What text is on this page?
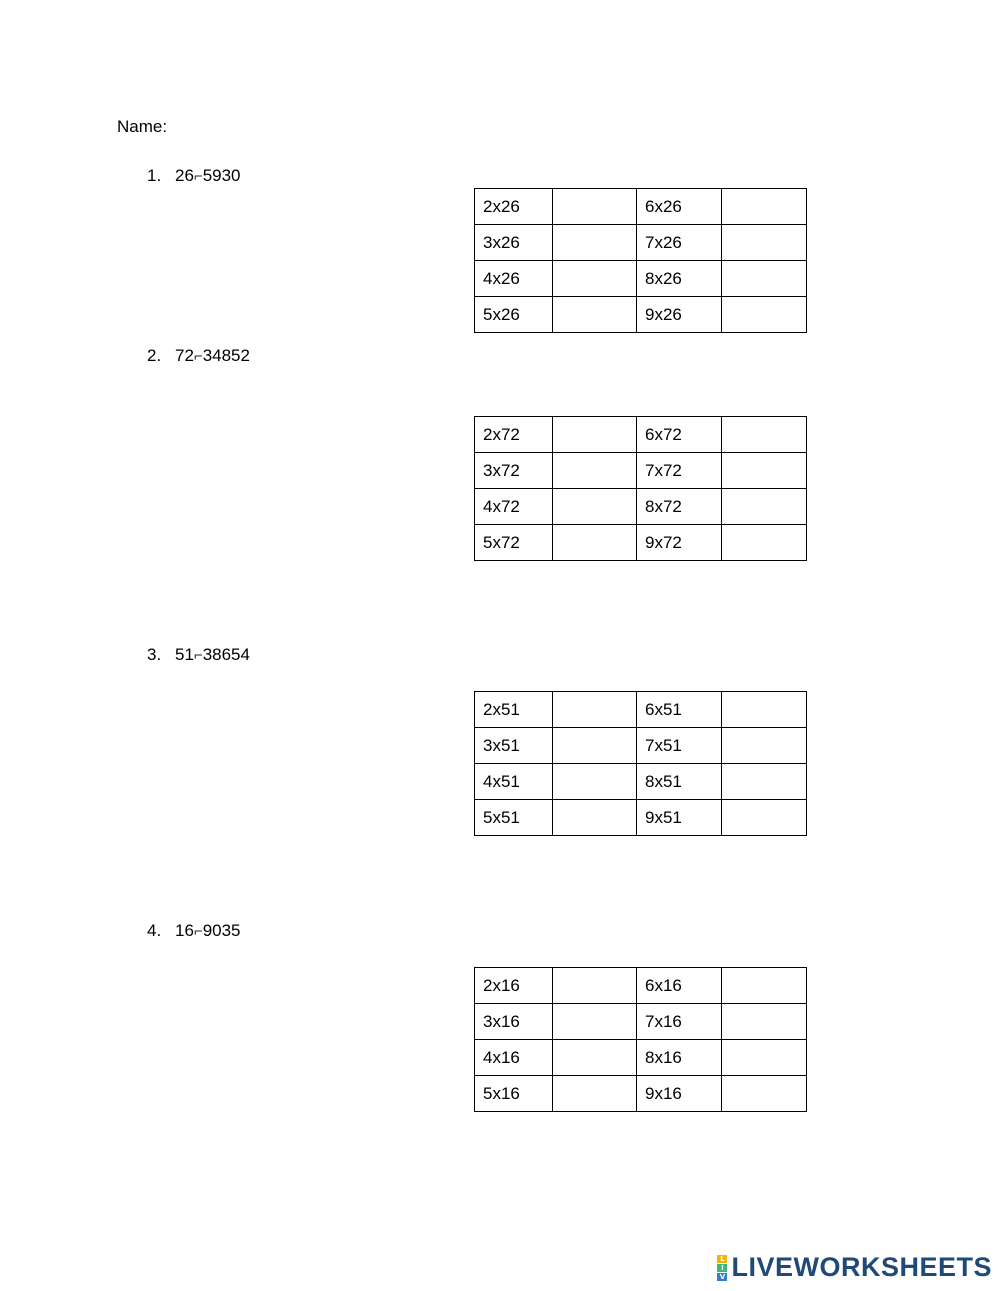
Name:
1. 26⌐5930
2x26		6x26	
3x26		7x26	
4x26		8x26	
5x26		9x26	
2. 72⌐34852
2x72		6x72	
3x72		7x72	
4x72		8x72	
5x72		9x72	
3. 51⌐38654
2x51		6x51	
3x51		7x51	
4x51		8x51	
5x51		9x51	
4. 16⌐9035
2x16		6x16	
3x16		7x16	
4x16		8x16	
5x16		9x16	
L
I
V LIVEWORKSHEETS
